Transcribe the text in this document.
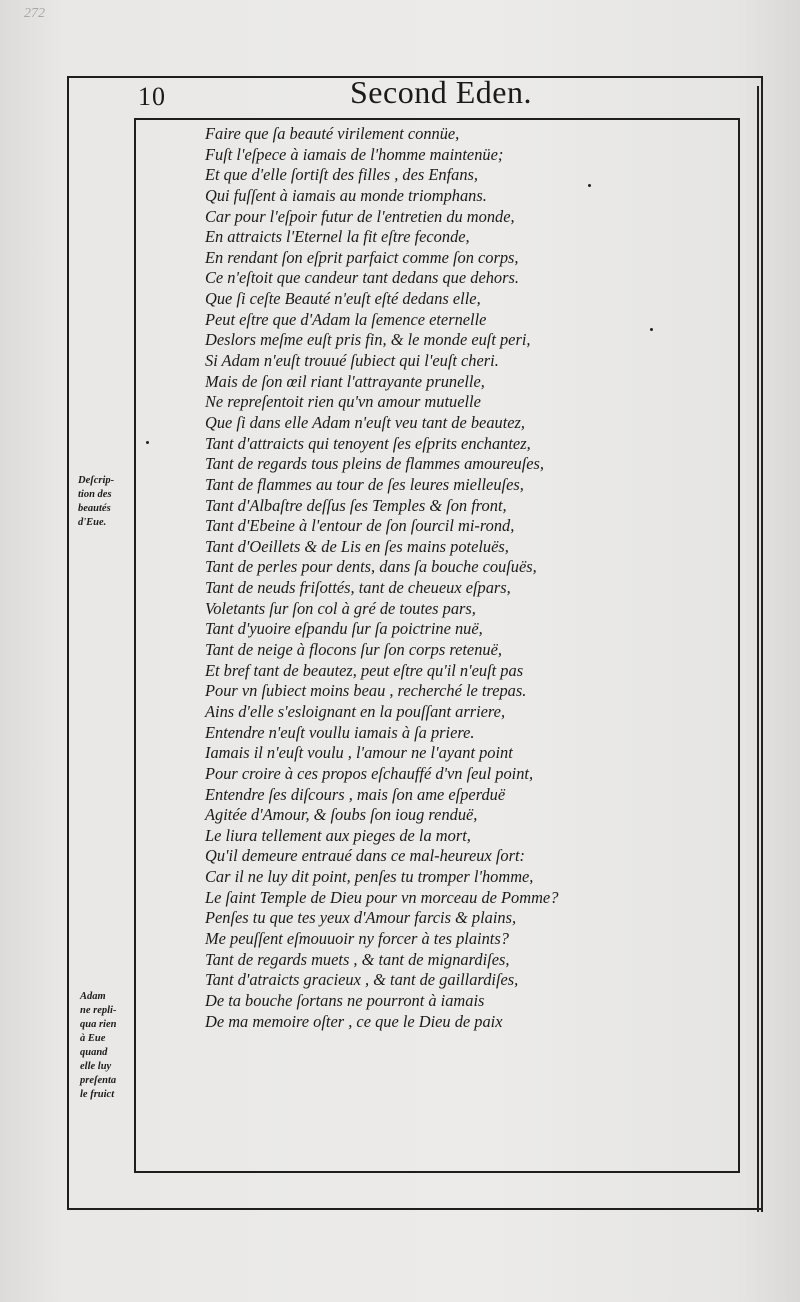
272
10	Second Eden.
Faire que ſa beauté virilement connüe,
Fuſt l'eſpece à iamais de l'homme maintenüe;
Et que d'elle ſortiſt des filles , des Enfans,
Qui fuſſent à iamais au monde triomphans.
Car pour l'eſpoir futur de l'entretien du monde,
En attraicts l'Eternel la fit eſtre feconde,
En rendant ſon eſprit parfaict comme ſon corps,
Ce n'eſtoit que candeur tant dedans que dehors.
Que ſi ceſte Beauté n'euſt eſté dedans elle,
Peut eſtre que d'Adam la ſemence eternelle
Deslors meſme euſt pris fin, & le monde euſt peri,
Si Adam n'euſt trouué ſubiect qui l'euſt cheri.
Mais de ſon œil riant l'attrayante prunelle,
Ne repreſentoit rien qu'vn amour mutuelle
Que ſi dans elle Adam n'euſt veu tant de beautez,
Tant d'attraicts qui tenoyent ſes eſprits enchantez,
Tant de regards tous pleins de flammes amoureuſes,
Tant de flammes au tour de ſes leures mielleuſes,
Tant d'Albaſtre deſſus ſes Temples & ſon front,
Tant d'Ebeine à l'entour de ſon ſourcil mi-rond,
Tant d'Oeillets & de Lis en ſes mains poteluës,
Tant de perles pour dents, dans ſa bouche couſuës,
Tant de neuds friſottés, tant de cheueux eſpars,
Voletants ſur ſon col à gré de toutes pars,
Tant d'yuoire eſpandu ſur ſa poictrine nuë,
Tant de neige à flocons ſur ſon corps retenuë,
Et bref tant de beautez, peut eſtre qu'il n'euſt pas
Pour vn ſubiect moins beau , recherché le trepas.
Ains d'elle s'esloignant en la pouſſant arriere,
Entendre n'euſt voullu iamais à ſa priere.
Iamais il n'euſt voulu , l'amour ne l'ayant point
Pour croire à ces propos eſchauffé d'vn ſeul point,
Entendre ſes diſcours , mais ſon ame eſperduë
Agitée d'Amour, & ſoubs ſon ioug renduë,
Le liura tellement aux pieges de la mort,
Qu'il demeure entraué dans ce mal-heureux ſort:
Car il ne luy dit point, penſes tu tromper l'homme,
Le ſaint Temple de Dieu pour vn morceau de Pomme?
Penſes tu que tes yeux d'Amour farcis & plains,
Me peuſſent eſmouuoir ny forcer à tes plaints?
Tant de regards muets , & tant de mignardiſes,
Tant d'atraicts gracieux , & tant de gaillardiſes,
De ta bouche ſortans ne pourront à iamais
De ma memoire oſter , ce que le Dieu de paix
Deſcrip-
tion des
beautés
d'Eue.
Adam
ne repli-
qua rien
à Eue
quand
elle luy
preſenta
le fruict
